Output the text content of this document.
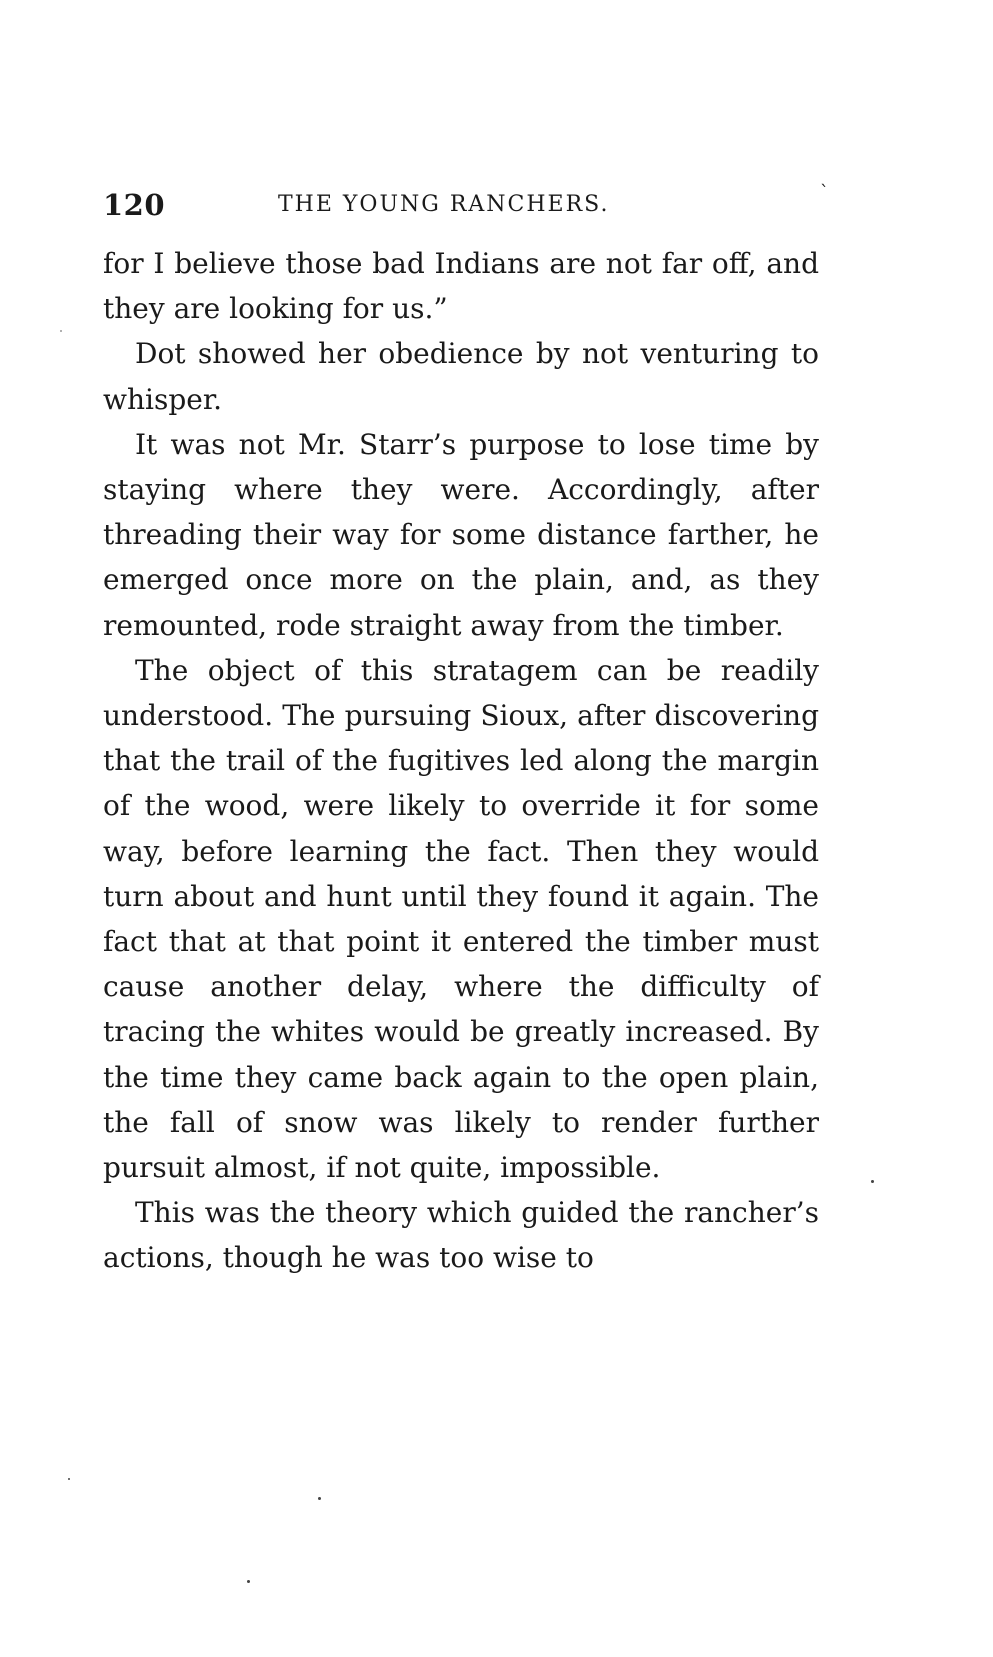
120	THE YOUNG RANCHERS.	`

for I believe those bad Indians are not far off, and they are looking for us.”

Dot showed her obedience by not venturing to whisper.

It was not Mr. Starr’s purpose to lose time by staying where they were. Accordingly, after threading their way for some distance farther, he emerged once more on the plain, and, as they remounted, rode straight away from the timber.

The object of this stratagem can be readily understood. The pursuing Sioux, after discovering that the trail of the fugitives led along the margin of the wood, were likely to override it for some way, before learning the fact. Then they would turn about and hunt until they found it again. The fact that at that point it entered the timber must cause another delay, where the difficulty of tracing the whites would be greatly increased. By the time they came back again to the open plain, the fall of snow was likely to render further pursuit almost, if not quite, impossible.

This was the theory which guided the rancher’s actions, though he was too wise to
